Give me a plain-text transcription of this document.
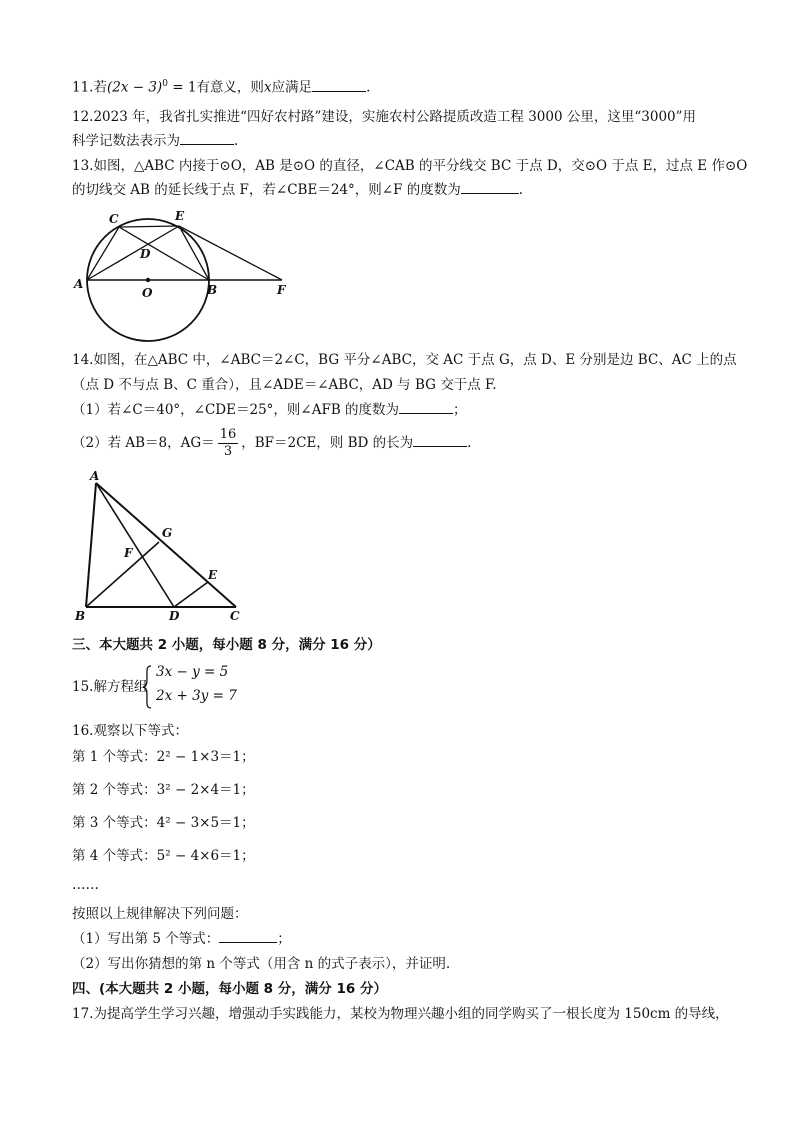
11.若$(2x - 3)^0 = 1$有意义，则x应满足	.
12.2023 年，我省扎实推进“四好农村路”建设，实施农村公路提质改造工程 3000 公里，这里“3000”用
科学记数法表示为	.
13.如图，△ABC 内接于⊙O，AB 是⊙O 的直径，∠CAB 的平分线交 BC 于点 D，交⊙O 于点 E，过点 E 作⊙O
的切线交 AB 的延长线于点 F，若∠CBE＝24°，则∠F 的度数为	.
C	E
D
A
O	B	F
14.如图，在△ABC 中，∠ABC＝2∠C，BG 平分∠ABC，交 AC 于点 G，点 D、E 分别是边 BC、AC 上的点
（点 D 不与点 B、C 重合），且∠ADE＝∠ABC，AD 与 BG 交于点 F.
（1）若∠C＝40°，∠CDE＝25°，则∠AFB 的度数为	；
（2）若 AB＝8，$AG= \frac{16}{3}$ ，BF＝2CE，则 BD 的长为	.
A
G
F
E
B	D	C
三、本大题共 2 小题，每小题 8 分，满分 16 分）
15.解方程组
3x − y = 5
2x + 3y = 7
16.观察以下等式：
第 1 个等式：2² − 1×3＝1；
第 2 个等式：3² − 2×4＝1；
第 3 个等式：4² − 3×5＝1；
第 4 个等式：5² − 4×6＝1；
……
按照以上规律解决下列问题：
（1）写出第 5 个等式：	；
（2）写出你猜想的第 n 个等式（用含 n 的式子表示），并证明.
四、(本大题共 2 小题，每小题 8 分，满分 16 分）
17.为提高学生学习兴趣，增强动手实践能力，某校为物理兴趣小组的同学购买了一根长度为 150cm 的导线，
